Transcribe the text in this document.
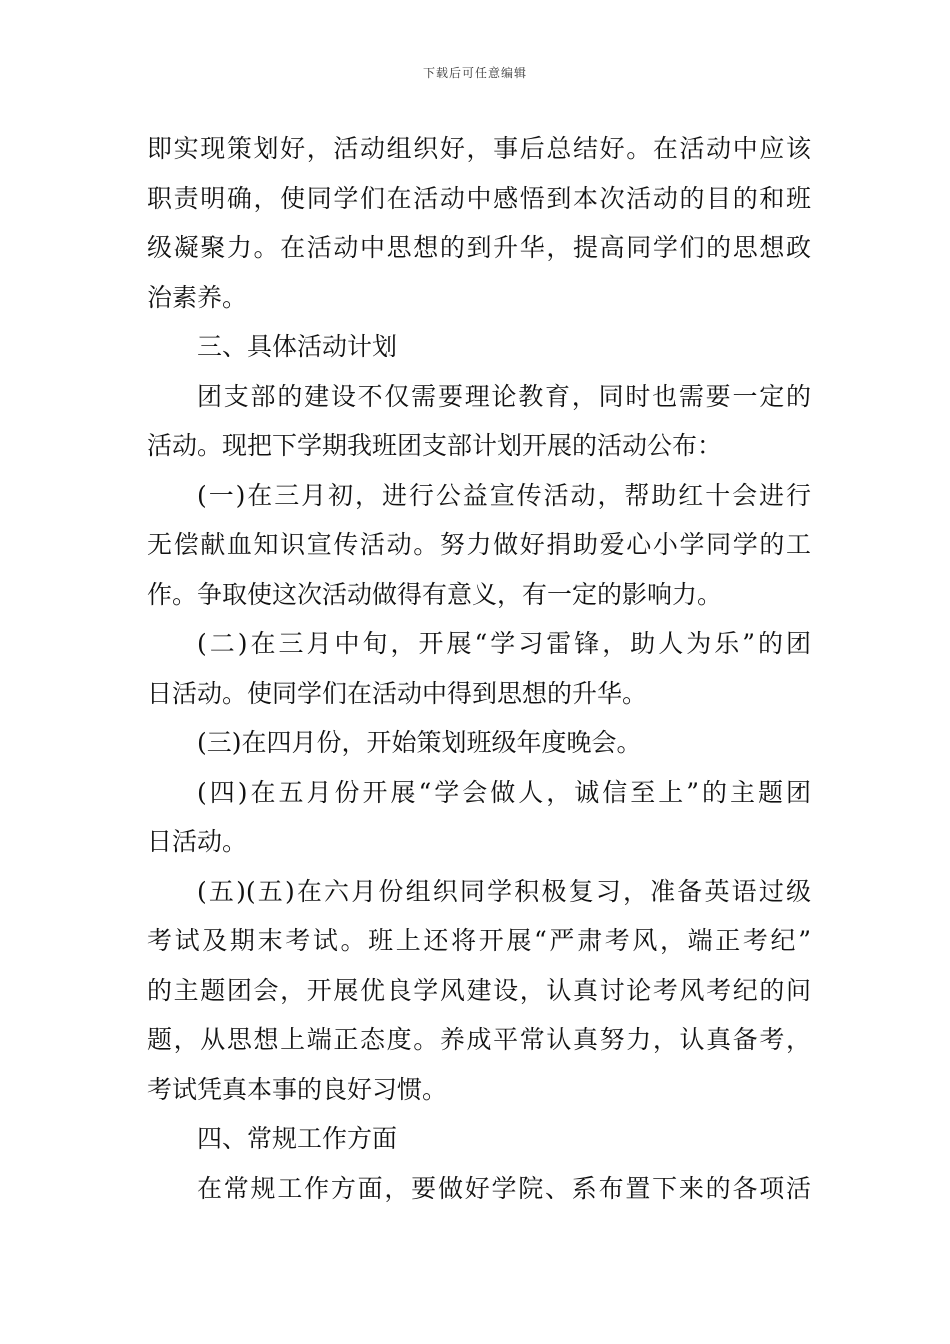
下载后可任意编辑
即实现策划好，活动组织好，事后总结好。在活动中应该
职责明确，使同学们在活动中感悟到本次活动的目的和班
级凝聚力。在活动中思想的到升华，提高同学们的思想政
治素养。
三、具体活动计划
团支部的建设不仅需要理论教育，同时也需要一定的
活动。现把下学期我班团支部计划开展的活动公布：
(一)在三月初，进行公益宣传活动，帮助红十会进行
无偿献血知识宣传活动。努力做好捐助爱心小学同学的工
作。争取使这次活动做得有意义，有一定的影响力。
(二)在三月中旬，开展“学习雷锋，助人为乐”的团
日活动。使同学们在活动中得到思想的升华。
(三)在四月份，开始策划班级年度晚会。
(四)在五月份开展“学会做人，诚信至上”的主题团
日活动。
(五)(五)在六月份组织同学积极复习，准备英语过级
考试及期末考试。班上还将开展“严肃考风，端正考纪”
的主题团会，开展优良学风建设，认真讨论考风考纪的问
题，从思想上端正态度。养成平常认真努力，认真备考，
考试凭真本事的良好习惯。
四、常规工作方面
在常规工作方面，要做好学院、系布置下来的各项活
